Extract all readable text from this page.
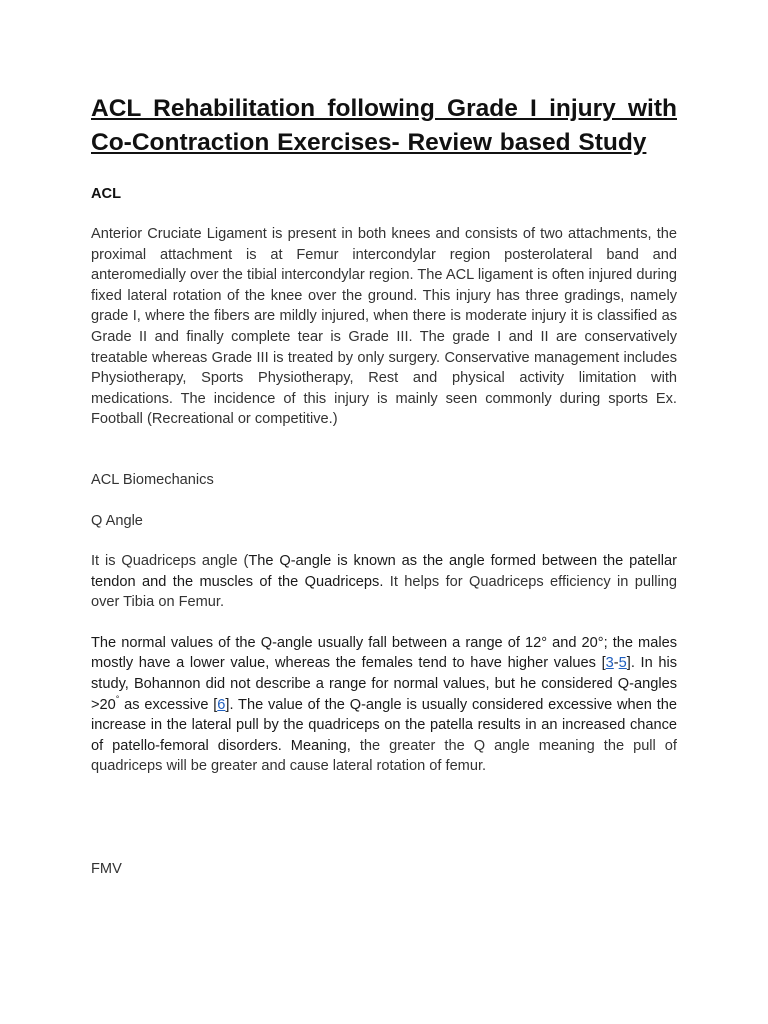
ACL Rehabilitation following Grade I injury with Co-Contraction Exercises- Review based Study
ACL

Anterior Cruciate Ligament is present in both knees and consists of two attachments, the proximal attachment is at Femur intercondylar region posterolateral band and anteromedially over the tibial intercondylar region. The ACL ligament is often injured during fixed lateral rotation of the knee over the ground. This injury has three gradings, namely grade I, where the fibers are mildly injured, when there is moderate injury it is classified as Grade II and finally complete tear is Grade III. The grade I and II are conservatively treatable whereas Grade III is treated by only surgery. Conservative management includes Physiotherapy, Sports Physiotherapy, Rest and physical activity limitation with medications. The incidence of this injury is mainly seen commonly during sports Ex. Football (Recreational or competitive.)

ACL Biomechanics

Q Angle

It is Quadriceps angle (The Q-angle is known as the angle formed between the patellar tendon and the muscles of the Quadriceps. It helps for Quadriceps efficiency in pulling over Tibia on Femur.

The normal values of the Q-angle usually fall between a range of 12° and 20°; the males mostly have a lower value, whereas the females tend to have higher values [3-5]. In his study, Bohannon did not describe a range for normal values, but he considered Q-angles >20° as excessive [6]. The value of the Q-angle is usually considered excessive when the increase in the lateral pull by the quadriceps on the patella results in an increased chance of patello-femoral disorders. Meaning, the greater the Q angle meaning the pull of quadriceps will be greater and cause lateral rotation of femur.

FMV
